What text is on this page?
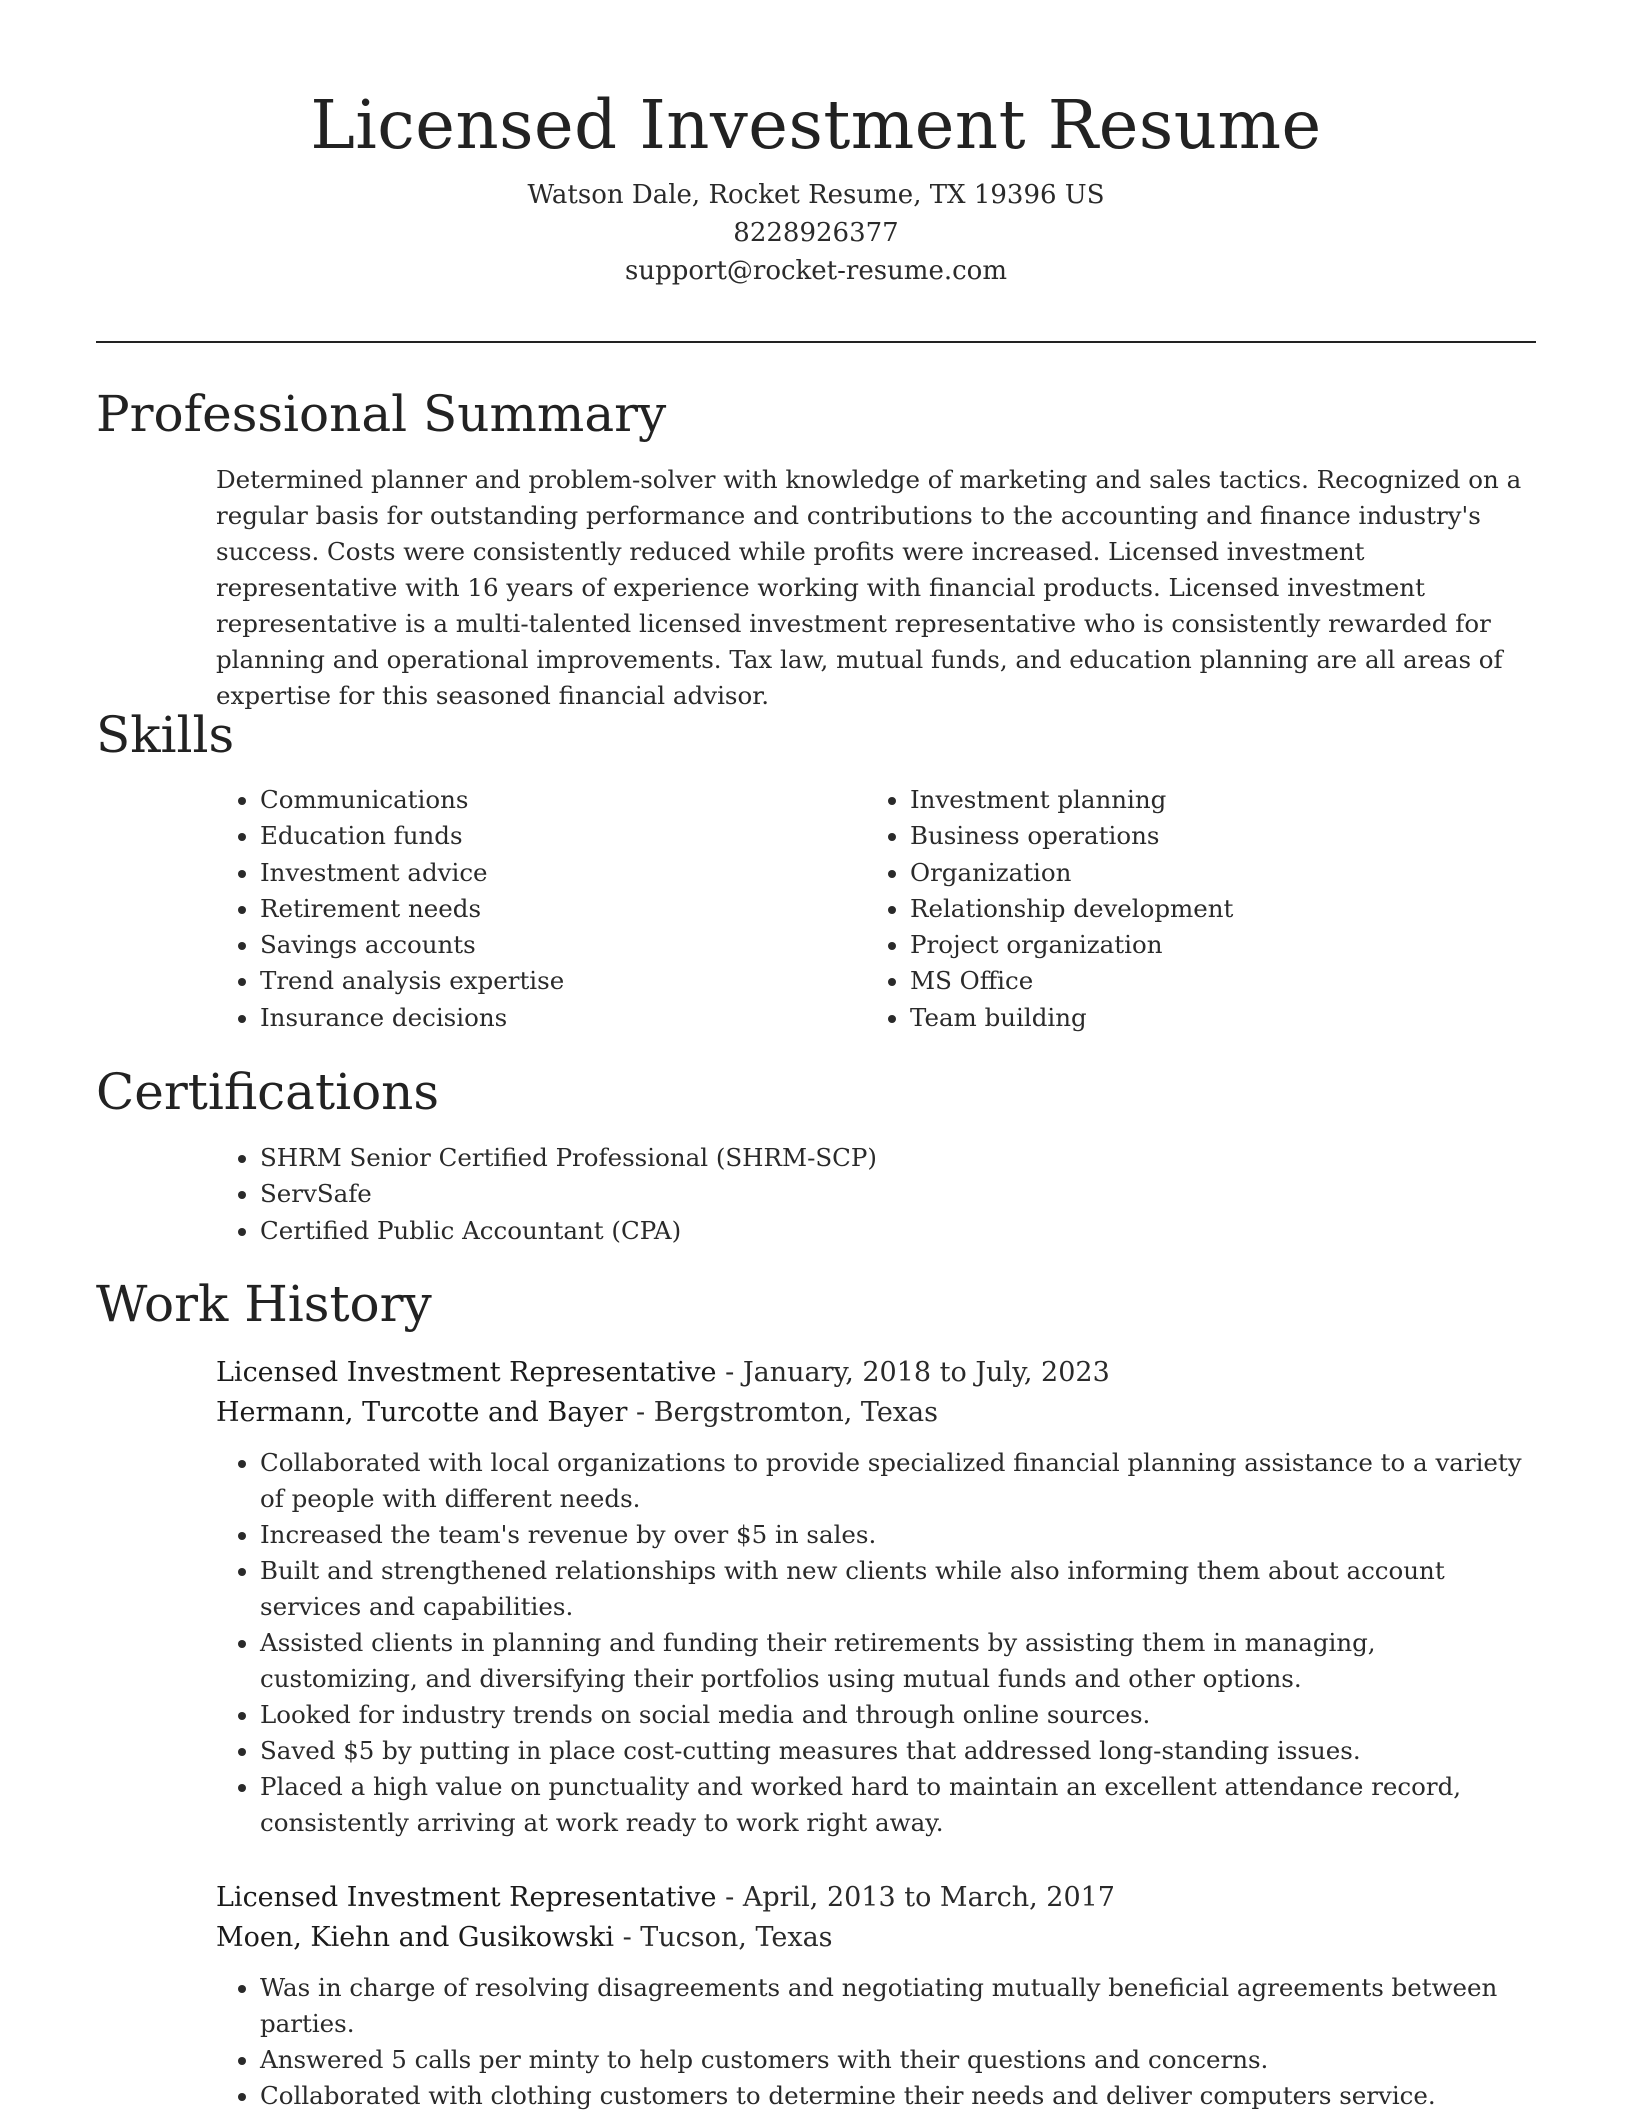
Licensed Investment Resume
Watson Dale, Rocket Resume, TX 19396 US
8228926377
support@rocket-resume.com
Professional Summary

Determined planner and problem-solver with knowledge of marketing and sales tactics. Recognized on a regular basis for outstanding performance and contributions to the accounting and finance industry's success. Costs were consistently reduced while profits were increased. Licensed investment representative with 16 years of experience working with financial products. Licensed investment representative is a multi-talented licensed investment representative who is consistently rewarded for planning and operational improvements. Tax law, mutual funds, and education planning are all areas of expertise for this seasoned financial advisor.

Skills
• Communications
• Education funds
• Investment advice
• Retirement needs
• Savings accounts
• Trend analysis expertise
• Insurance decisions
• Investment planning
• Business operations
• Organization
• Relationship development
• Project organization
• MS Office
• Team building
Certifications
• SHRM Senior Certified Professional (SHRM-SCP)
• ServSafe
• Certified Public Accountant (CPA)
Work History
Licensed Investment Representative - January, 2018 to July, 2023
Hermann, Turcotte and Bayer - Bergstromton, Texas
• Collaborated with local organizations to provide specialized financial planning assistance to a variety of people with different needs.
• Increased the team's revenue by over $5 in sales.
• Built and strengthened relationships with new clients while also informing them about account services and capabilities.
• Assisted clients in planning and funding their retirements by assisting them in managing, customizing, and diversifying their portfolios using mutual funds and other options.
• Looked for industry trends on social media and through online sources.
• Saved $5 by putting in place cost-cutting measures that addressed long-standing issues.
• Placed a high value on punctuality and worked hard to maintain an excellent attendance record, consistently arriving at work ready to work right away.
Licensed Investment Representative - April, 2013 to March, 2017
Moen, Kiehn and Gusikowski - Tucson, Texas
• Was in charge of resolving disagreements and negotiating mutually beneficial agreements between parties.
• Answered 5 calls per minty to help customers with their questions and concerns.
• Collaborated with clothing customers to determine their needs and deliver computers service.
